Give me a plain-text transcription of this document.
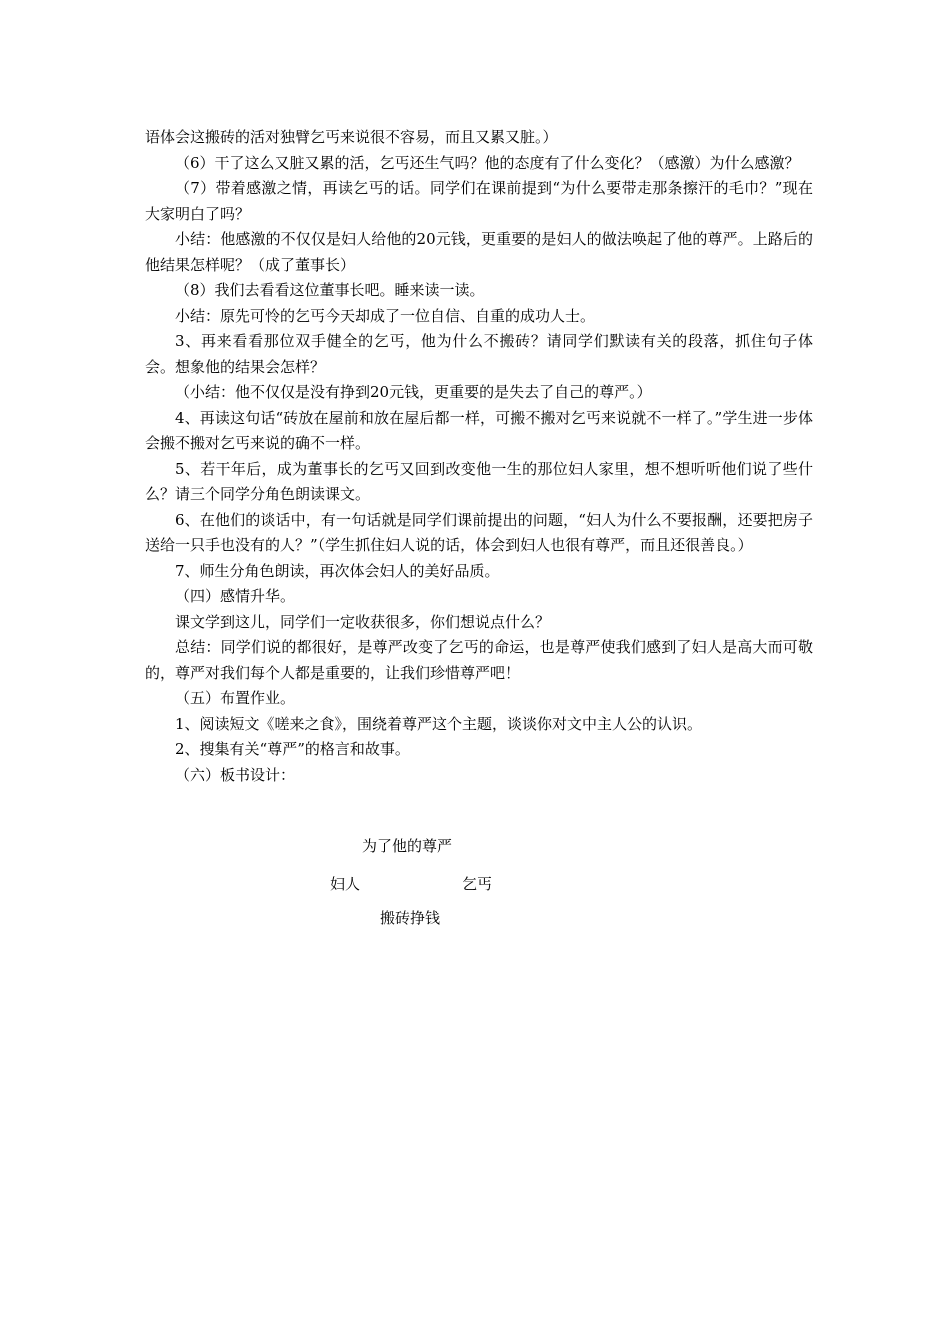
语体会这搬砖的活对独臂乞丐来说很不容易，而且又累又脏。）

（6）干了这么又脏又累的活，乞丐还生气吗？他的态度有了什么变化？（感激）为什么感激？

（7）带着感激之情，再读乞丐的话。同学们在课前提到“为什么要带走那条擦汗的毛巾？”现在大家明白了吗？

小结：他感激的不仅仅是妇人给他的20元钱，更重要的是妇人的做法唤起了他的尊严。上路后的他结果怎样呢？（成了董事长）

（8）我们去看看这位董事长吧。睡来读一读。

小结：原先可怜的乞丐今天却成了一位自信、自重的成功人士。

3、再来看看那位双手健全的乞丐，他为什么不搬砖？请同学们默读有关的段落，抓住句子体会。想象他的结果会怎样？

（小结：他不仅仅是没有挣到20元钱，更重要的是失去了自己的尊严。）

4、再读这句话“砖放在屋前和放在屋后都一样，可搬不搬对乞丐来说就不一样了。”学生进一步体会搬不搬对乞丐来说的确不一样。

5、若干年后，成为董事长的乞丐又回到改变他一生的那位妇人家里，想不想听听他们说了些什么？请三个同学分角色朗读课文。

6、在他们的谈话中，有一句话就是同学们课前提出的问题，“妇人为什么不要报酬，还要把房子送给一只手也没有的人？”（学生抓住妇人说的话，体会到妇人也很有尊严，而且还很善良。）

7、师生分角色朗读，再次体会妇人的美好品质。

（四）感情升华。

课文学到这儿，同学们一定收获很多，你们想说点什么？

总结：同学们说的都很好，是尊严改变了乞丐的命运，也是尊严使我们感到了妇人是高大而可敬的，尊严对我们每个人都是重要的，让我们珍惜尊严吧！

（五）布置作业。

1、阅读短文《嗟来之食》，围绕着尊严这个主题，谈谈你对文中主人公的认识。

2、搜集有关“尊严”的格言和故事。

（六）板书设计：

为了他的尊严
妇人	乞丐
搬砖挣钱
